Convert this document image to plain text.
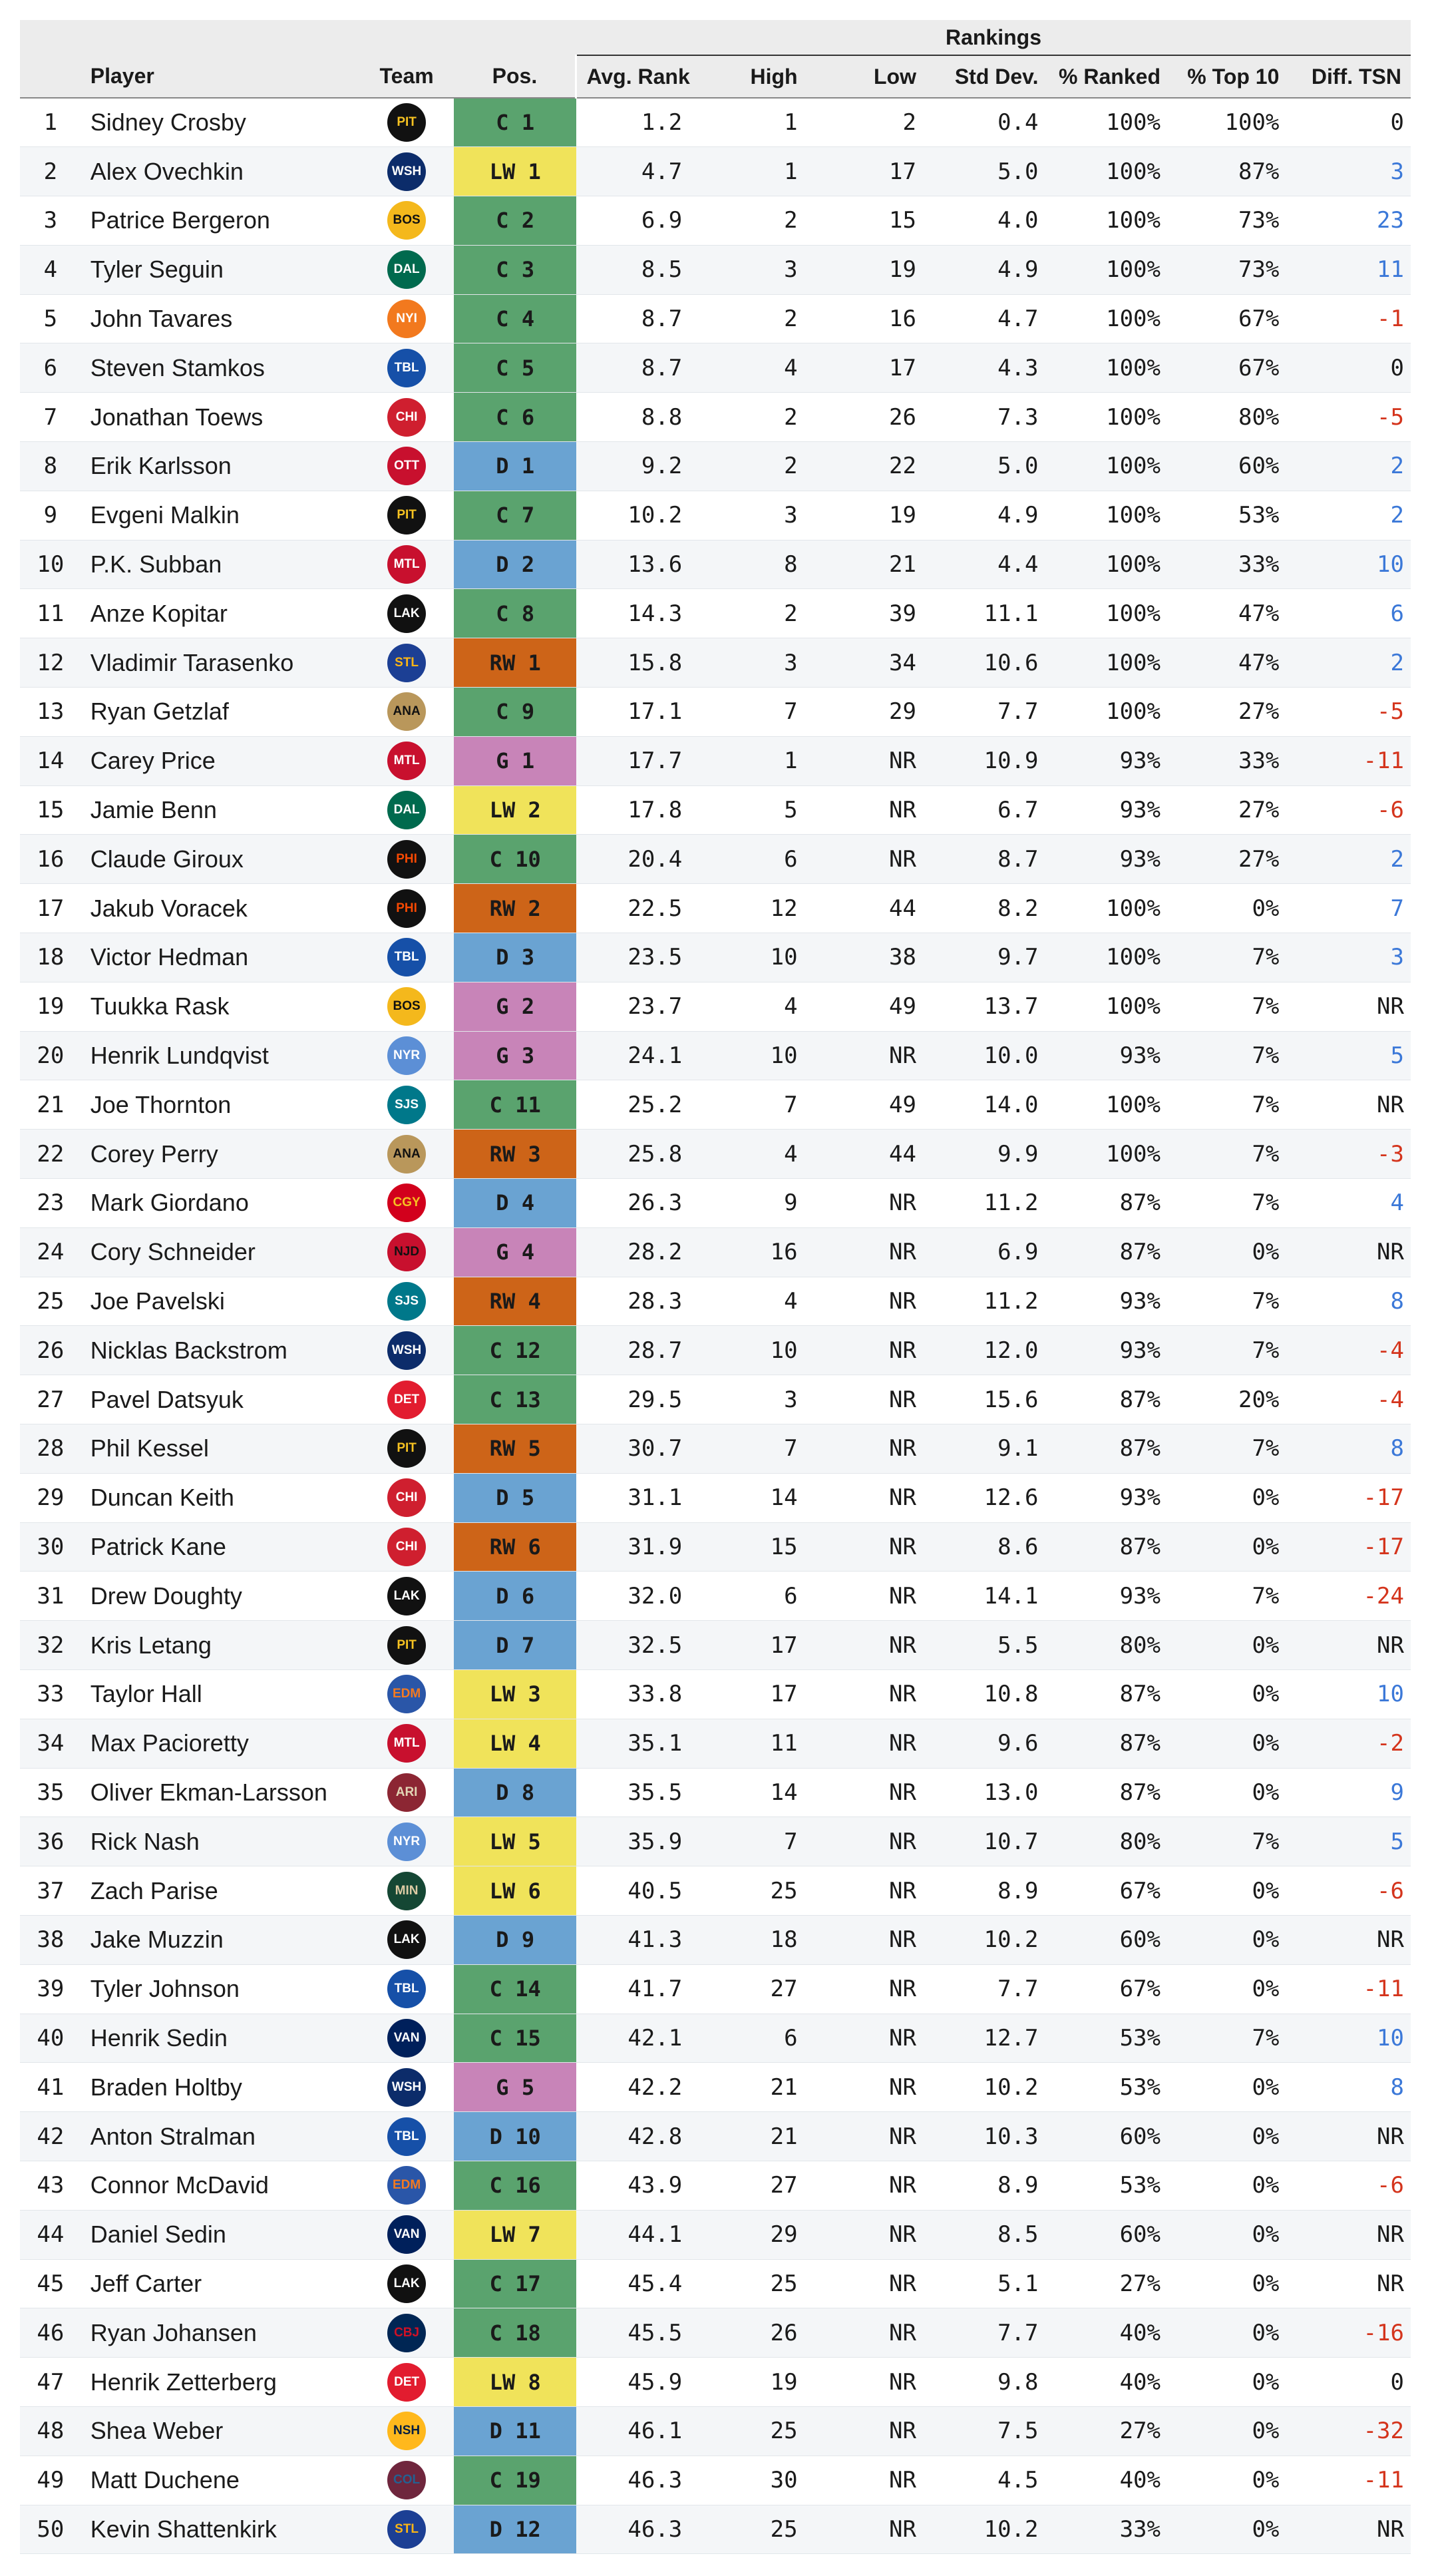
				Rankings						
	Player	Team	Pos.	Avg. Rank	High	Low	Std Dev.	% Ranked	% Top 10	Diff. TSN
1	Sidney Crosby	PIT	C 1	1.2	1	2	0.4	100%	100%	0
2	Alex Ovechkin	WSH	LW 1	4.7	1	17	5.0	100%	87%	3
3	Patrice Bergeron	BOS	C 2	6.9	2	15	4.0	100%	73%	23
4	Tyler Seguin	DAL	C 3	8.5	3	19	4.9	100%	73%	11
5	John Tavares	NYI	C 4	8.7	2	16	4.7	100%	67%	-1
6	Steven Stamkos	TBL	C 5	8.7	4	17	4.3	100%	67%	0
7	Jonathan Toews	CHI	C 6	8.8	2	26	7.3	100%	80%	-5
8	Erik Karlsson	OTT	D 1	9.2	2	22	5.0	100%	60%	2
9	Evgeni Malkin	PIT	C 7	10.2	3	19	4.9	100%	53%	2
10	P.K. Subban	MTL	D 2	13.6	8	21	4.4	100%	33%	10
11	Anze Kopitar	LAK	C 8	14.3	2	39	11.1	100%	47%	6
12	Vladimir Tarasenko	STL	RW 1	15.8	3	34	10.6	100%	47%	2
13	Ryan Getzlaf	ANA	C 9	17.1	7	29	7.7	100%	27%	-5
14	Carey Price	MTL	G 1	17.7	1	NR	10.9	93%	33%	-11
15	Jamie Benn	DAL	LW 2	17.8	5	NR	6.7	93%	27%	-6
16	Claude Giroux	PHI	C 10	20.4	6	NR	8.7	93%	27%	2
17	Jakub Voracek	PHI	RW 2	22.5	12	44	8.2	100%	0%	7
18	Victor Hedman	TBL	D 3	23.5	10	38	9.7	100%	7%	3
19	Tuukka Rask	BOS	G 2	23.7	4	49	13.7	100%	7%	NR
20	Henrik Lundqvist	NYR	G 3	24.1	10	NR	10.0	93%	7%	5
21	Joe Thornton	SJS	C 11	25.2	7	49	14.0	100%	7%	NR
22	Corey Perry	ANA	RW 3	25.8	4	44	9.9	100%	7%	-3
23	Mark Giordano	CGY	D 4	26.3	9	NR	11.2	87%	7%	4
24	Cory Schneider	NJD	G 4	28.2	16	NR	6.9	87%	0%	NR
25	Joe Pavelski	SJS	RW 4	28.3	4	NR	11.2	93%	7%	8
26	Nicklas Backstrom	WSH	C 12	28.7	10	NR	12.0	93%	7%	-4
27	Pavel Datsyuk	DET	C 13	29.5	3	NR	15.6	87%	20%	-4
28	Phil Kessel	PIT	RW 5	30.7	7	NR	9.1	87%	7%	8
29	Duncan Keith	CHI	D 5	31.1	14	NR	12.6	93%	0%	-17
30	Patrick Kane	CHI	RW 6	31.9	15	NR	8.6	87%	0%	-17
31	Drew Doughty	LAK	D 6	32.0	6	NR	14.1	93%	7%	-24
32	Kris Letang	PIT	D 7	32.5	17	NR	5.5	80%	0%	NR
33	Taylor Hall	EDM	LW 3	33.8	17	NR	10.8	87%	0%	10
34	Max Pacioretty	MTL	LW 4	35.1	11	NR	9.6	87%	0%	-2
35	Oliver Ekman-Larsson	ARI	D 8	35.5	14	NR	13.0	87%	0%	9
36	Rick Nash	NYR	LW 5	35.9	7	NR	10.7	80%	7%	5
37	Zach Parise	MIN	LW 6	40.5	25	NR	8.9	67%	0%	-6
38	Jake Muzzin	LAK	D 9	41.3	18	NR	10.2	60%	0%	NR
39	Tyler Johnson	TBL	C 14	41.7	27	NR	7.7	67%	0%	-11
40	Henrik Sedin	VAN	C 15	42.1	6	NR	12.7	53%	7%	10
41	Braden Holtby	WSH	G 5	42.2	21	NR	10.2	53%	0%	8
42	Anton Stralman	TBL	D 10	42.8	21	NR	10.3	60%	0%	NR
43	Connor McDavid	EDM	C 16	43.9	27	NR	8.9	53%	0%	-6
44	Daniel Sedin	VAN	LW 7	44.1	29	NR	8.5	60%	0%	NR
45	Jeff Carter	LAK	C 17	45.4	25	NR	5.1	27%	0%	NR
46	Ryan Johansen	CBJ	C 18	45.5	26	NR	7.7	40%	0%	-16
47	Henrik Zetterberg	DET	LW 8	45.9	19	NR	9.8	40%	0%	0
48	Shea Weber	NSH	D 11	46.1	25	NR	7.5	27%	0%	-32
49	Matt Duchene	COL	C 19	46.3	30	NR	4.5	40%	0%	-11
50	Kevin Shattenkirk	STL	D 12	46.3	25	NR	10.2	33%	0%	NR
